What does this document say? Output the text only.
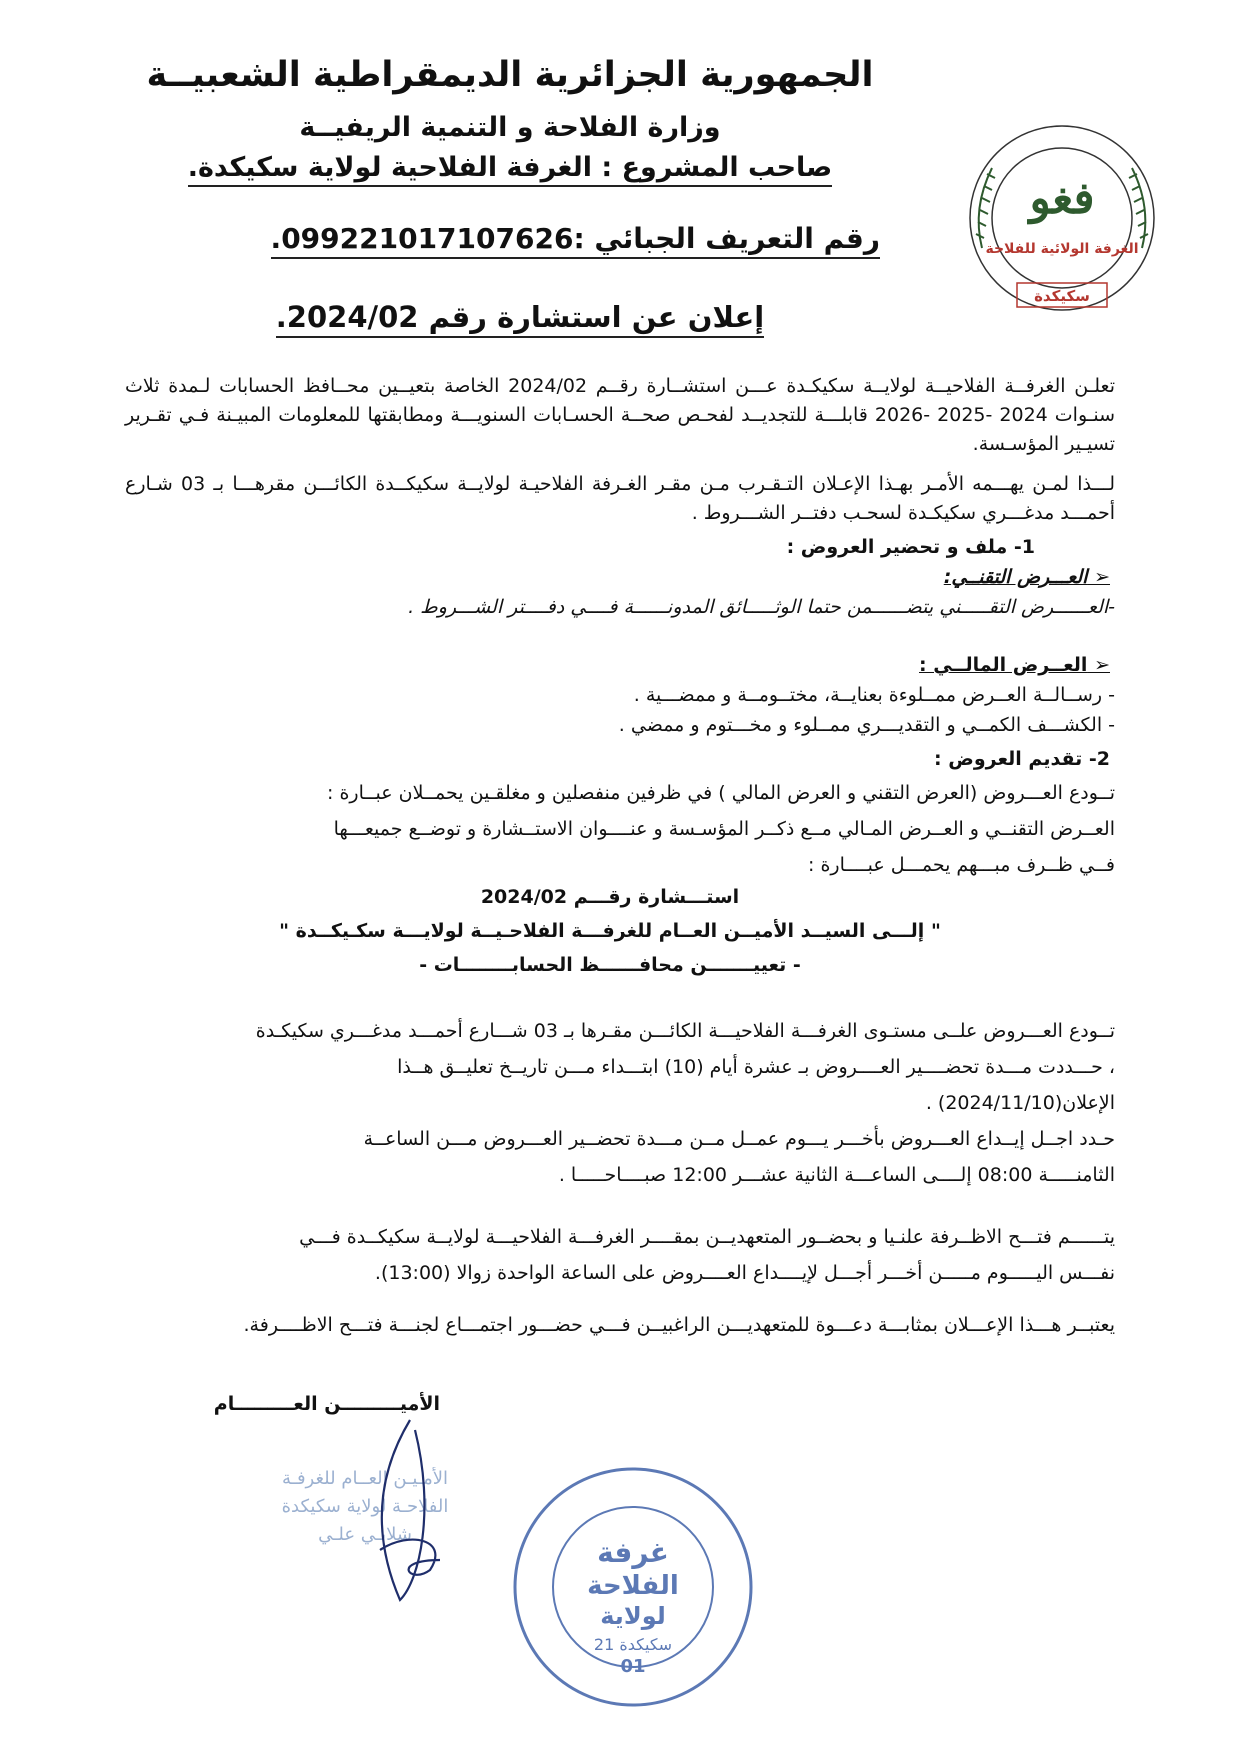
الجمهورية الجزائرية الديمقراطية الشعبيــة
وزارة الفلاحة و التنمية الريفيــة
صاحب المشروع : الغرفة الفلاحية لولاية سكيكدة.
رقم التعريف الجبائي :099221017107626.
إعلان عن استشارة رقم 2024/02.
فغو
الغرفة الولائية للفلاحة
سكيكدة
تعلـن الغرفــة الفلاحيــة لولايــة سكيكـدة عـــن استشــارة رقــم 2024/02 الخاصة بتعيــين محــافظ الحسابات لـمدة ثلاث سنـوات 2024 -2025 -2026 قابلـــة للتجديــد لفحـص صحــة الحسـابات السنويـــة ومطابقتها للمعلومات المبيـنة فـي تقـرير تسيـير المؤسـسة.
لـــذا لمـن يهـــمه الأمـر بهـذا الإعـلان التـقـرب مـن مقـر الغـرفة الفلاحيـة لولايــة سكيكــدة الكائـــن مقرهـــا بـ 03 شـارع أحمـــد مدغـــري سكيكـدة لسحـب دفتــر الشـــروط .
1- ملف و تحضير العروض :
➢ العـــرض التقنــي:
-العــــــرض التقـــــني يتضــــــمن حتما الوثـــــائق المدونــــــة فــــي دفــــتر الشـــروط .
➢ العــرض المالــي :
- رســالــة العــرض ممــلوءة بعنايــة، مختــومــة و ممضـــية .
- الكشـــف الكمــي و التقديـــري ممــلوء و مخـــتوم و ممضي .
2- تقديم العروض :
تــودع العـــروض (العرض التقني و العرض المالي ) في ظرفين منفصلين و مغلقـين يحمــلان عبــارة :
العــرض التقنــي و العــرض المـالي مــع ذكــر المؤسـسة و عنــــوان الاستــشارة و توضــع جميعـــها
فــي ظــرف مبـــهم يحمـــل عبــــارة :
استـــشارة رقـــم 2024/02
" إلـــى السيــد الأميــن العــام للغرفـــة الفلاحـيــة لولايـــة سكـيكــدة "
- تعييـــــــن محافــــــظ الحسابــــــــات -
تــودع العـــروض علــى مستـوى الغرفـــة الفلاحيـــة الكائـــن مقـرها بـ 03 شـــارع أحمـــد مدغـــري سكيكـدة
، حـــددت مـــدة تحضــــير العــــروض بـ عشرة أيام (10) ابتـــداء مـــن تاريــخ تعليــق هــذا
الإعلان(2024/11/10) .
حـدد اجــل إيــداع العـــروض بأخـــر يـــوم عمــل مــن مـــدة تحضــير العـــروض مـــن الساعــة
الثامنـــــة 08:00 إلــــى الساعـــة الثانية عشـــر 12:00 صبــــاحـــــا .
يتــــــم فتـــح الاظــرفة علنـيا و بحضــور المتعهديــن بمقــــر الغرفـــة الفلاحيـــة لولايــة سكيكــدة فـــي
نفـــس اليـــــوم مـــــن أخـــر أجـــل لإيــــداع العــــروض على الساعة الواحدة زوالا (13:00).
يعتبــر هـــذا الإعـــلان بمثابـــة دعـــوة للمتعهديـــن الراغبيــن فـــي حضـــور اجتمـــاع لجنـــة فتـــح الاظــــرفة.
الأميـــــــــن العـــــــــام
الأمـيـن العــام للغرفـة
الفلاحـة لولاية سكيكدة
شلابـي علـي
غرفة
الفلاحة
لولاية
سكيكدة 21
01
